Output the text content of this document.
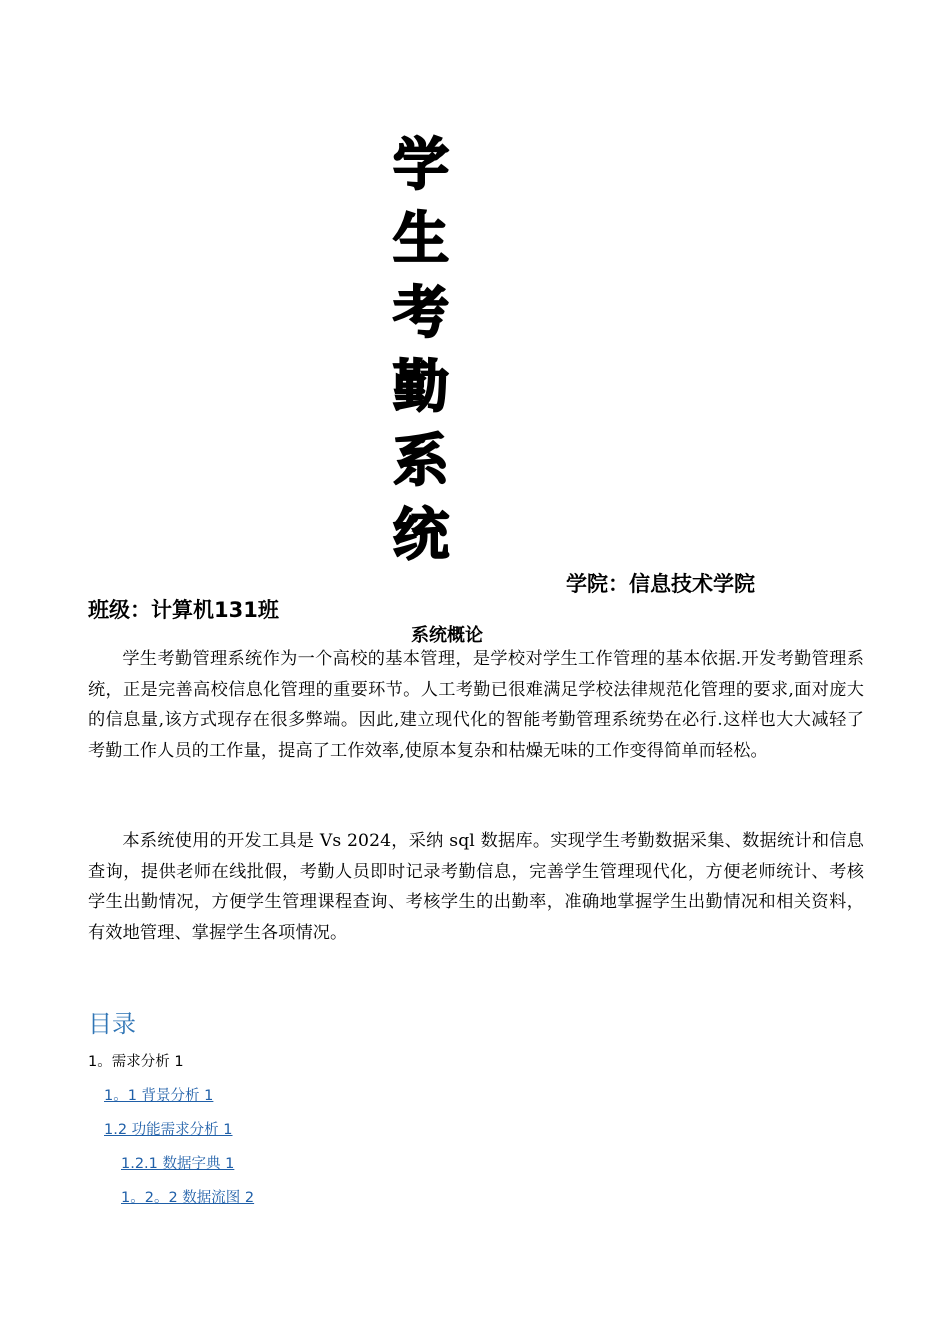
学
生
考
勤
系
统
学院：信息技术学院
班级：计算机131班
系统概论

学生考勤管理系统作为一个高校的基本管理，是学校对学生工作管理的基本依据.开发考勤管理系统，正是完善高校信息化管理的重要环节。人工考勤已很难满足学校法律规范化管理的要求,面对庞大的信息量,该方式现存在很多弊端。因此,建立现代化的智能考勤管理系统势在必行.这样也大大减轻了考勤工作人员的工作量，提高了工作效率,使原本复杂和枯燥无味的工作变得简单而轻松。

本系统使用的开发工具是 Vs 2024，采纳 sql 数据库。实现学生考勤数据采集、数据统计和信息查询，提供老师在线批假，考勤人员即时记录考勤信息，完善学生管理现代化，方便老师统计、考核学生出勤情况，方便学生管理课程查询、考核学生的出勤率，准确地掌握学生出勤情况和相关资料，有效地管理、掌握学生各项情况。

目录
1。需求分析 1
1。1 背景分析 1
1.2 功能需求分析 1
1.2.1 数据字典 1
1。2。2 数据流图 2
